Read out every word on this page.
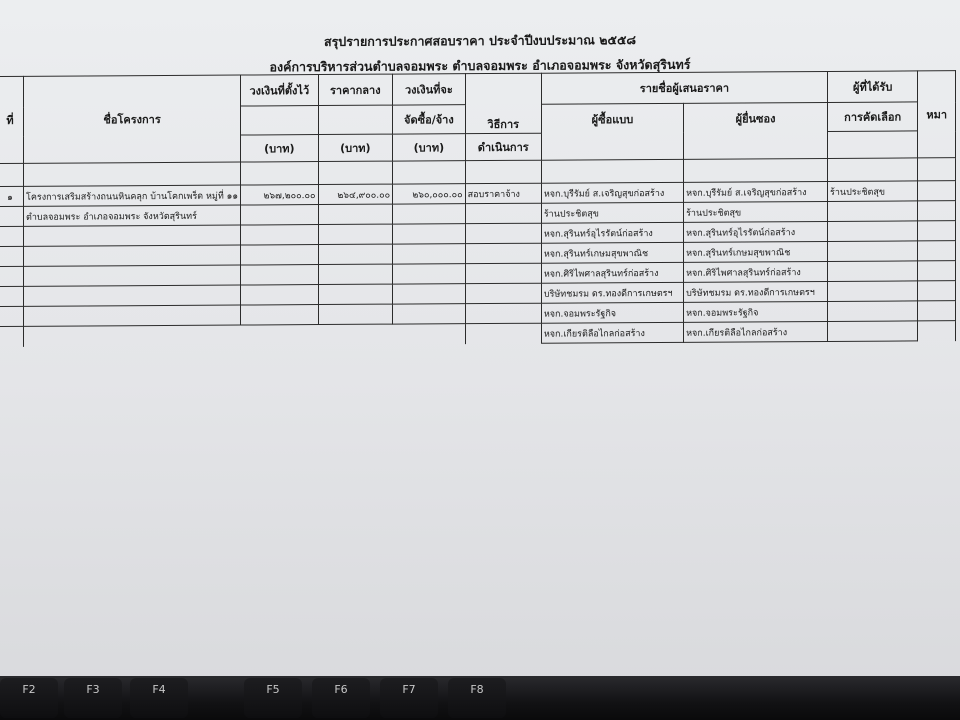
สรุปรายการประกาศสอบราคา ประจำปีงบประมาณ ๒๕๕๘
องค์การบริหารส่วนตำบลจอมพระ ตำบลจอมพระ อำเภอจอมพระ จังหวัดสุรินทร์
ที่	ชื่อโครงการ	วงเงินที่ตั้งไว้	ราคากลาง	วงเงินที่จะ	วิธีการ	รายชื่อผู้เสนอราคา		ผู้ที่ได้รับ	หมา
				จัดซื้อ/จ้าง		ผู้ซื้อแบบ	ผู้ยื่นซอง	การคัดเลือก	
		(บาท)	(บาท)	(บาท)	ดำเนินการ				

๑	โครงการเสริมสร้างถนนหินคลุก บ้านโคกเพร็ด หมู่ที่ ๑๑	๒๖๗,๒๐๐.๐๐	๒๖๔,๙๐๐.๐๐	๒๖๐,๐๐๐.๐๐	สอบราคาจ้าง	หจก.บุรีรัมย์ ส.เจริญสุขก่อสร้าง	หจก.บุรีรัมย์ ส.เจริญสุขก่อสร้าง	ร้านประชิตสุข	
	ตำบลจอมพระ อำเภอจอมพระ จังหวัดสุรินทร์					ร้านประชิตสุข	ร้านประชิตสุข		
						หจก.สุรินทร์อุไรรัตน์ก่อสร้าง	หจก.สุรินทร์อุไรรัตน์ก่อสร้าง		
						หจก.สุรินทร์เกษมสุขพาณิช	หจก.สุรินทร์เกษมสุขพาณิช		
						หจก.ศิริไพศาลสุรินทร์ก่อสร้าง	หจก.ศิริไพศาลสุรินทร์ก่อสร้าง		
						บริษัทชมรม ดร.ทองดีการเกษตรฯ	บริษัทชมรม ดร.ทองดีการเกษตรฯ		
						หจก.จอมพระรัฐกิจ	หจก.จอมพระรัฐกิจ		
						หจก.เกียรติลือไกลก่อสร้าง	หจก.เกียรติลือไกลก่อสร้าง		
F2	F3	F4	F5	F6	F7	F8
